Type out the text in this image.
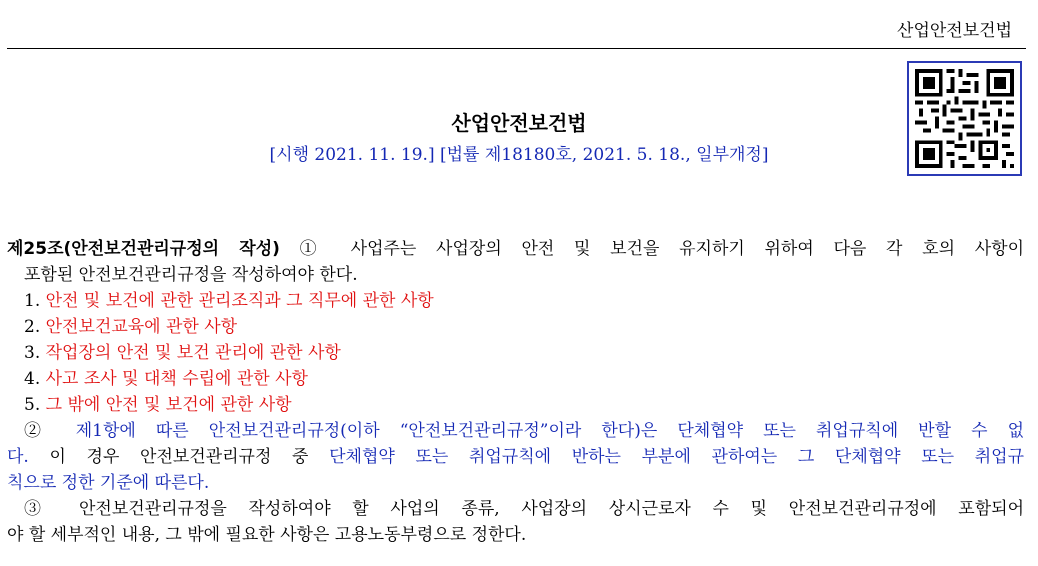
산업안전보건법
산업안전보건법
[시행 2021. 11. 19.] [법률 제18180호, 2021. 5. 18., 일부개정]
제25조(안전보건관리규정의 작성) ① 사업주는 사업장의 안전 및 보건을 유지하기 위하여 다음 각 호의 사항이
포함된 안전보건관리규정을 작성하여야 한다.
1. 안전 및 보건에 관한 관리조직과 그 직무에 관한 사항
2. 안전보건교육에 관한 사항
3. 작업장의 안전 및 보건 관리에 관한 사항
4. 사고 조사 및 대책 수립에 관한 사항
5. 그 밖에 안전 및 보건에 관한 사항
② 제1항에 따른 안전보건관리규정(이하 “안전보건관리규정”이라 한다)은 단체협약 또는 취업규칙에 반할 수 없
다. 이 경우 안전보건관리규정 중 단체협약 또는 취업규칙에 반하는 부분에 관하여는 그 단체협약 또는 취업규
칙으로 정한 기준에 따른다.
③ 안전보건관리규정을 작성하여야 할 사업의 종류, 사업장의 상시근로자 수 및 안전보건관리규정에 포함되어
야 할 세부적인 내용, 그 밖에 필요한 사항은 고용노동부령으로 정한다.
